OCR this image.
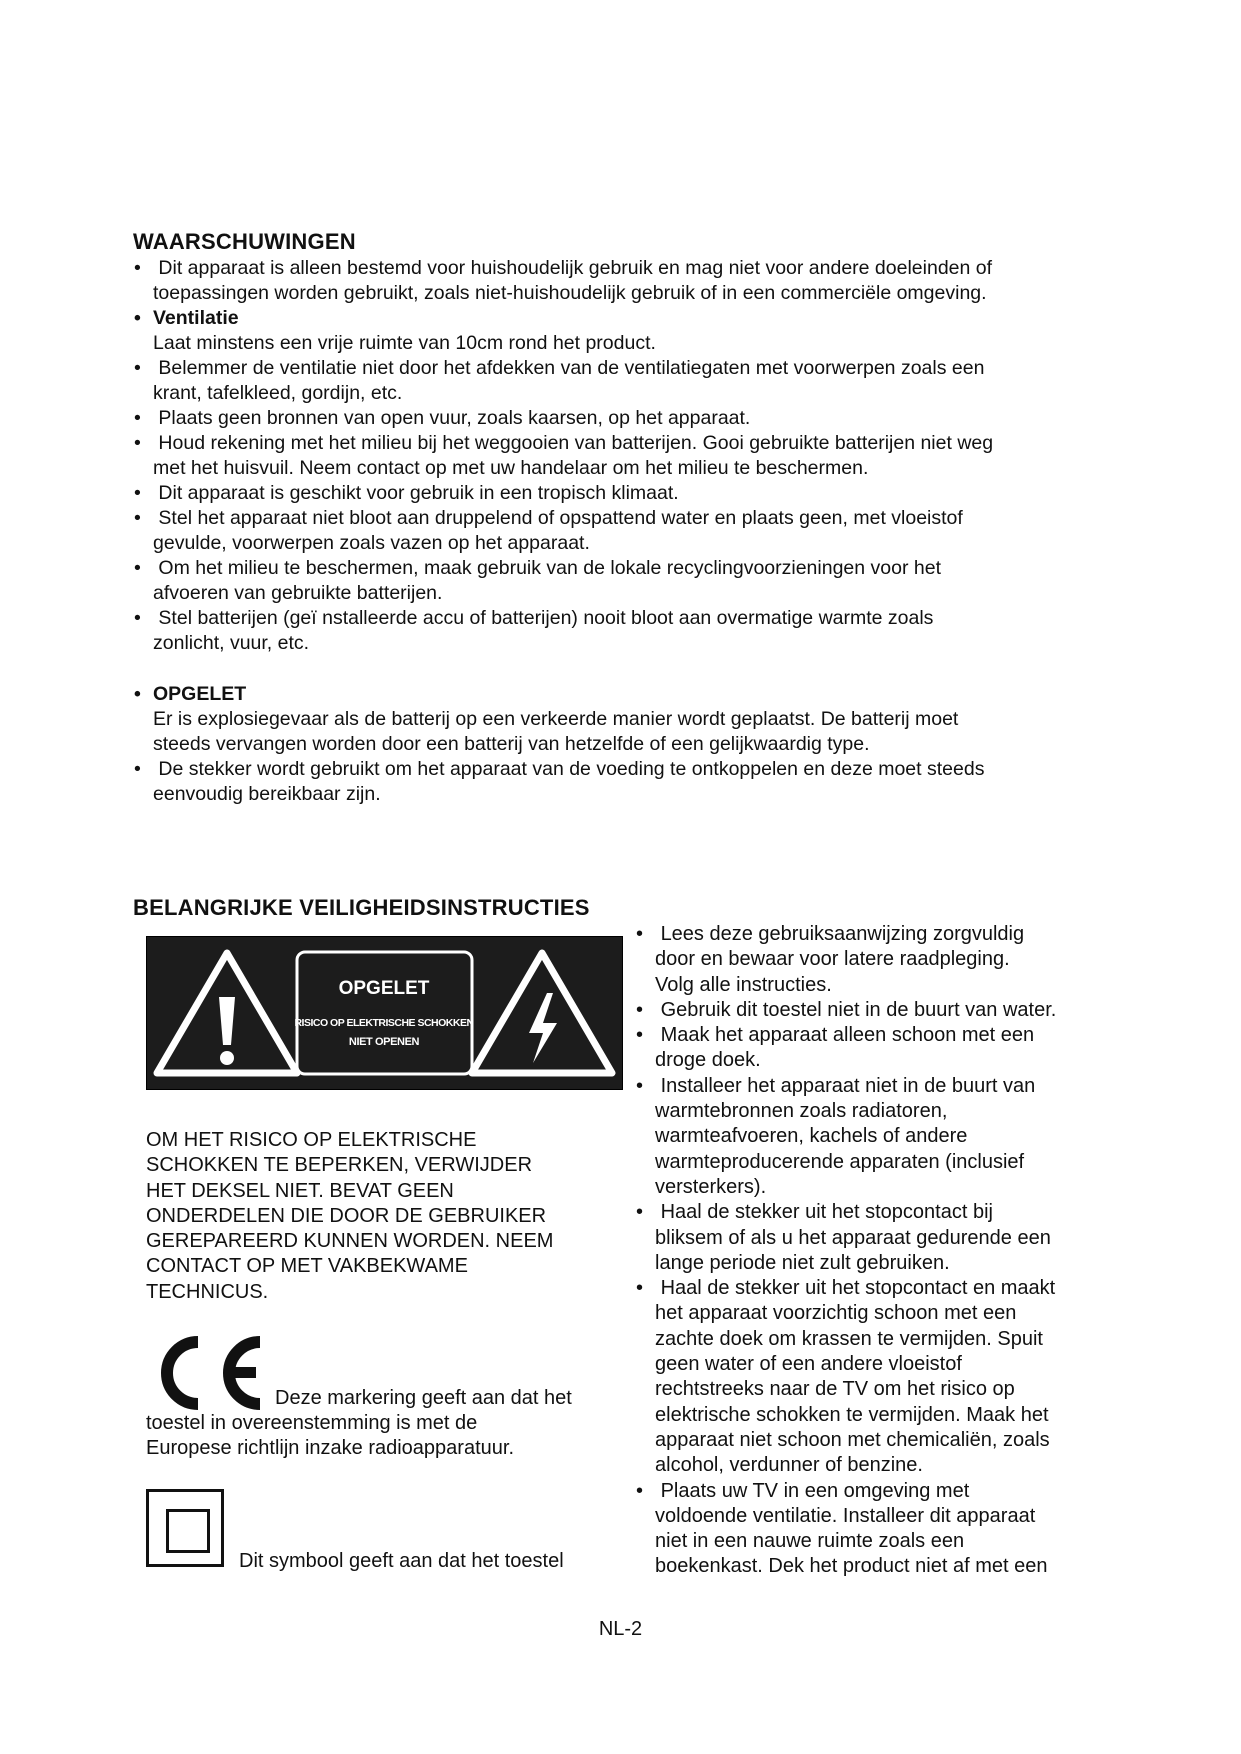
WAARSCHUWINGEN
• Dit apparaat is alleen bestemd voor huishoudelijk gebruik en mag niet voor andere doeleinden of
toepassingen worden gebruikt, zoals niet-huishoudelijk gebruik of in een commerciële omgeving.
• Ventilatie
Laat minstens een vrije ruimte van 10cm rond het product.
• Belemmer de ventilatie niet door het afdekken van de ventilatiegaten met voorwerpen zoals een
krant, tafelkleed, gordijn, etc.
• Plaats geen bronnen van open vuur, zoals kaarsen, op het apparaat.
• Houd rekening met het milieu bij het weggooien van batterijen. Gooi gebruikte batterijen niet weg
met het huisvuil. Neem contact op met uw handelaar om het milieu te beschermen.
• Dit apparaat is geschikt voor gebruik in een tropisch klimaat.
• Stel het apparaat niet bloot aan druppelend of opspattend water en plaats geen, met vloeistof
gevulde, voorwerpen zoals vazen op het apparaat.
• Om het milieu te beschermen, maak gebruik van de lokale recyclingvoorzieningen voor het
afvoeren van gebruikte batterijen.
• Stel batterijen (geï nstalleerde accu of batterijen) nooit bloot aan overmatige warmte zoals
zonlicht, vuur, etc.
• OPGELET
Er is explosiegevaar als de batterij op een verkeerde manier wordt geplaatst. De batterij moet
steeds vervangen worden door een batterij van hetzelfde of een gelijkwaardig type.
• De stekker wordt gebruikt om het apparaat van de voeding te ontkoppelen en deze moet steeds
eenvoudig bereikbaar zijn.
BELANGRIJKE VEILIGHEIDSINSTRUCTIES
OPGELET
RISICO OP ELEKTRISCHE SCHOKKEN
NIET OPENEN
OM HET RISICO OP ELEKTRISCHE
SCHOKKEN TE BEPERKEN, VERWIJDER
HET DEKSEL NIET. BEVAT GEEN
ONDERDELEN DIE DOOR DE GEBRUIKER
GEREPAREERD KUNNEN WORDEN. NEEM
CONTACT OP MET VAKBEKWAME
TECHNICUS.
Deze markering geeft aan dat het
toestel in overeenstemming is met de
Europese richtlijn inzake radioapparatuur.
Dit symbool geeft aan dat het toestel
• Lees deze gebruiksaanwijzing zorgvuldig
door en bewaar voor latere raadpleging.
Volg alle instructies.
• Gebruik dit toestel niet in de buurt van water.
• Maak het apparaat alleen schoon met een
droge doek.
• Installeer het apparaat niet in de buurt van
warmtebronnen zoals radiatoren,
warmteafvoeren, kachels of andere
warmteproducerende apparaten (inclusief
versterkers).
• Haal de stekker uit het stopcontact bij
bliksem of als u het apparaat gedurende een
lange periode niet zult gebruiken.
• Haal de stekker uit het stopcontact en maakt
het apparaat voorzichtig schoon met een
zachte doek om krassen te vermijden. Spuit
geen water of een andere vloeistof
rechtstreeks naar de TV om het risico op
elektrische schokken te vermijden. Maak het
apparaat niet schoon met chemicaliën, zoals
alcohol, verdunner of benzine.
• Plaats uw TV in een omgeving met
voldoende ventilatie. Installeer dit apparaat
niet in een nauwe ruimte zoals een
boekenkast. Dek het product niet af met een
NL-2
